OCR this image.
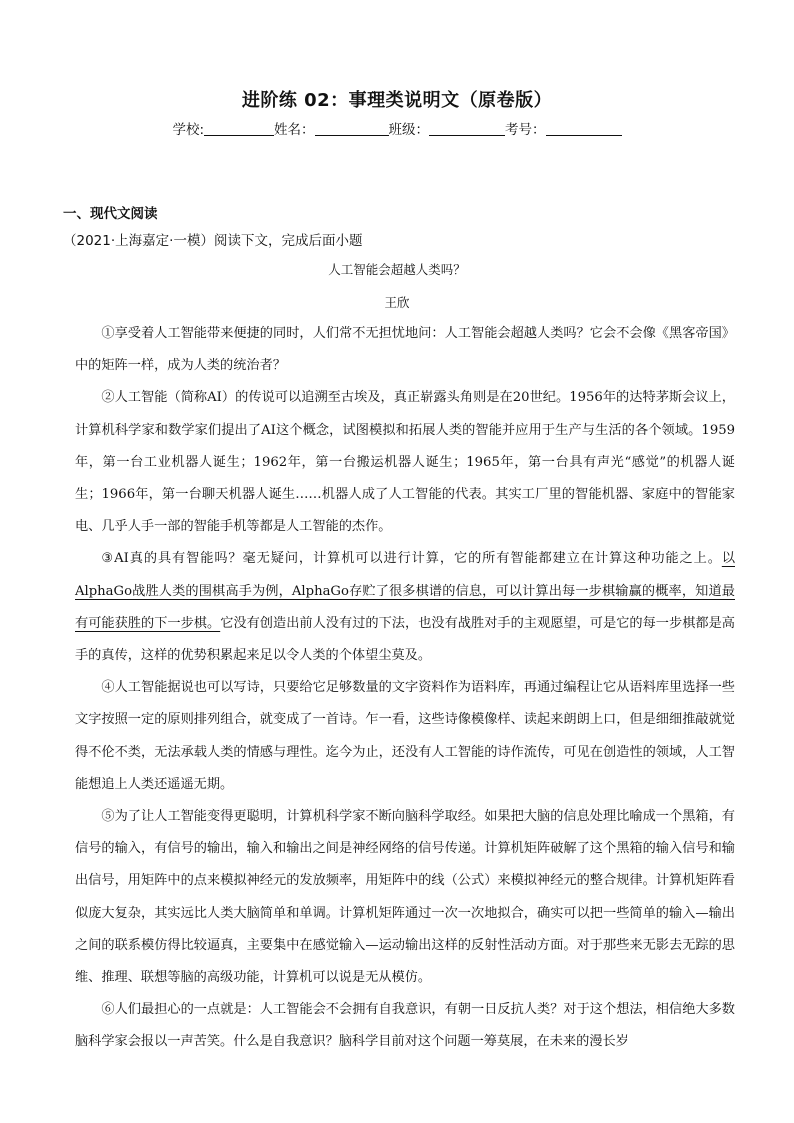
进阶练 02：事理类说明文（原卷版）
学校:	姓名：	班级：	考号：
一、现代文阅读
（2021·上海嘉定·一模）阅读下文，完成后面小题
人工智能会超越人类吗？
王欣

①享受着人工智能带来便捷的同时，人们常不无担忧地问：人工智能会超越人类吗？它会不会像《黑客帝国》中的矩阵一样，成为人类的统治者？

②人工智能（简称AI）的传说可以追溯至古埃及，真正崭露头角则是在20世纪。1956年的达特茅斯会议上，计算机科学家和数学家们提出了AI这个概念，试图模拟和拓展人类的智能并应用于生产与生活的各个领域。1959年，第一台工业机器人诞生；1962年，第一台搬运机器人诞生；1965年，第一台具有声光“感觉”的机器人诞生；1966年，第一台聊天机器人诞生……机器人成了人工智能的代表。其实工厂里的智能机器、家庭中的智能家电、几乎人手一部的智能手机等都是人工智能的杰作。

③AI真的具有智能吗？毫无疑问，计算机可以进行计算，它的所有智能都建立在计算这种功能之上。以AlphaGo战胜人类的围棋高手为例，AlphaGo存贮了很多棋谱的信息，可以计算出每一步棋输赢的概率，知道最有可能获胜的下一步棋。它没有创造出前人没有过的下法，也没有战胜对手的主观愿望，可是它的每一步棋都是高手的真传，这样的优势积累起来足以令人类的个体望尘莫及。

④人工智能据说也可以写诗，只要给它足够数量的文字资料作为语料库，再通过编程让它从语料库里选择一些文字按照一定的原则排列组合，就变成了一首诗。乍一看，这些诗像模像样、读起来朗朗上口，但是细细推敲就觉得不伦不类，无法承载人类的情感与理性。迄今为止，还没有人工智能的诗作流传，可见在创造性的领域，人工智能想追上人类还遥遥无期。

⑤为了让人工智能变得更聪明，计算机科学家不断向脑科学取经。如果把大脑的信息处理比喻成一个黑箱，有信号的输入，有信号的输出，输入和输出之间是神经网络的信号传递。计算机矩阵破解了这个黑箱的输入信号和输出信号，用矩阵中的点来模拟神经元的发放频率，用矩阵中的线（公式）来模拟神经元的整合规律。计算机矩阵看似庞大复杂，其实远比人类大脑简单和单调。计算机矩阵通过一次一次地拟合，确实可以把一些简单的输入—输出之间的联系模仿得比较逼真，主要集中在感觉输入—运动输出这样的反射性活动方面。对于那些来无影去无踪的思维、推理、联想等脑的高级功能，计算机可以说是无从模仿。

⑥人们最担心的一点就是：人工智能会不会拥有自我意识，有朝一日反抗人类？对于这个想法，相信绝大多数脑科学家会报以一声苦笑。什么是自我意识？脑科学目前对这个问题一筹莫展，在未来的漫长岁
